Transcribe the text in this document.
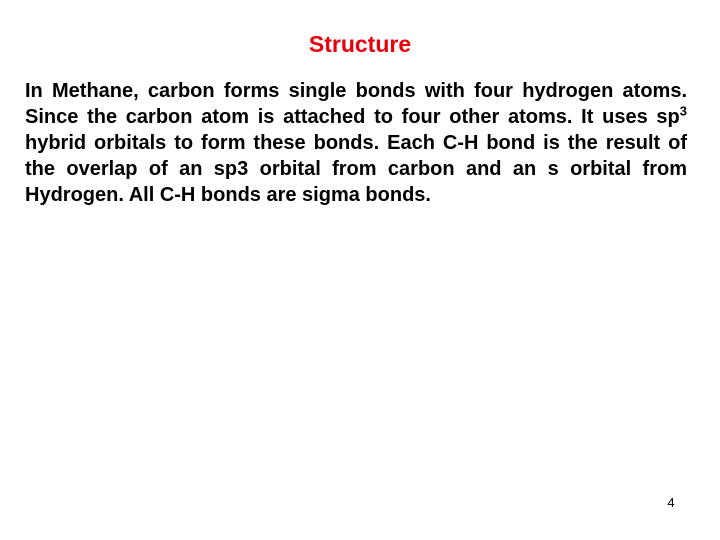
Structure
In Methane, carbon forms single bonds with four hydrogen atoms. Since the carbon atom is attached to four other atoms. It uses $sp^3$ hybrid orbitals to form these bonds. Each C-H bond is the result of the overlap of an sp3 orbital from carbon and an s orbital from Hydrogen. All C-H bonds are sigma bonds.
4
